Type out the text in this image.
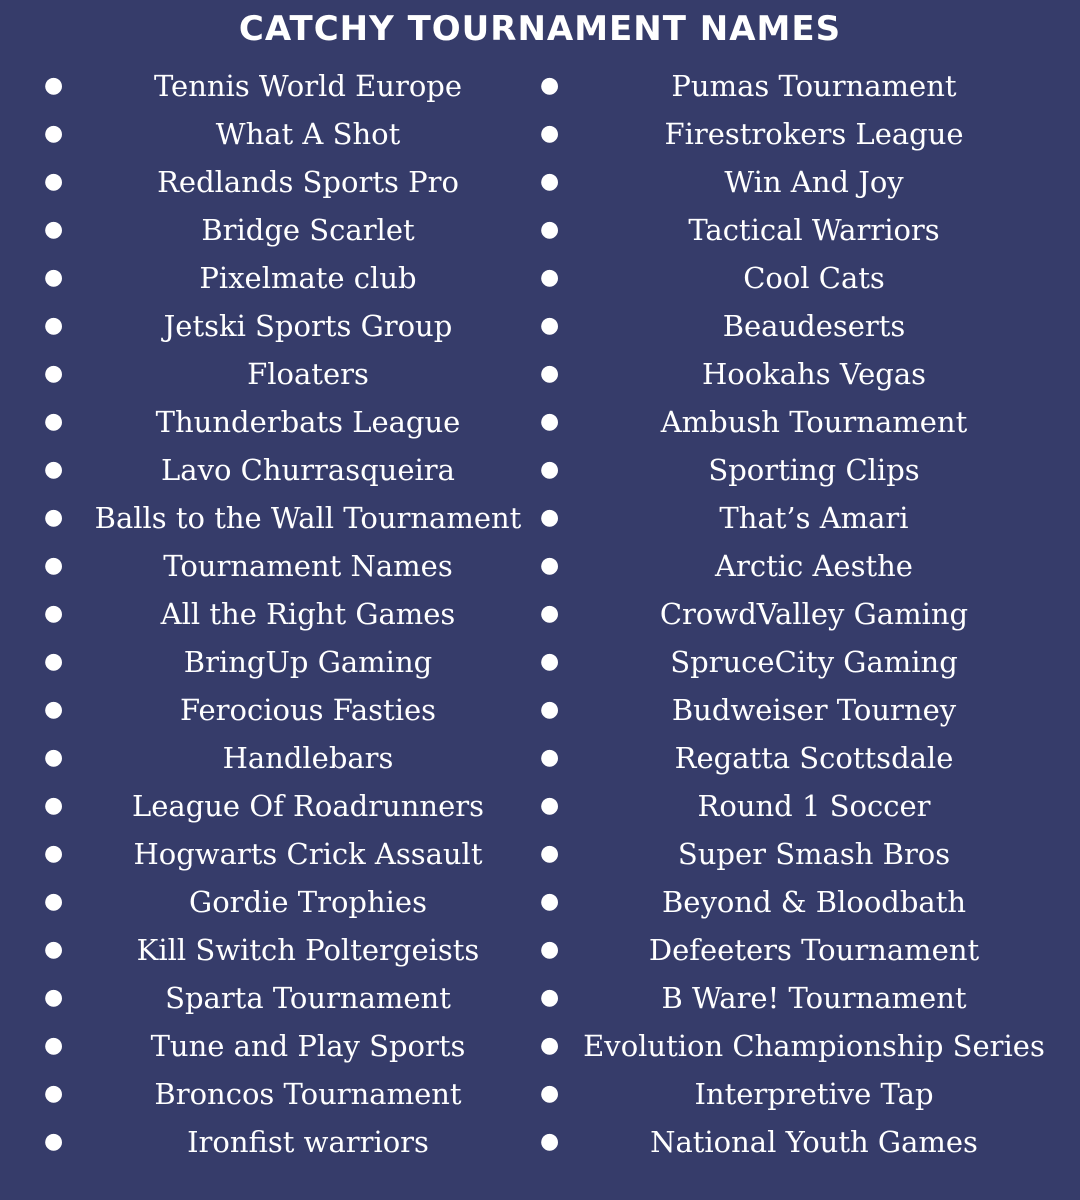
CATCHY TOURNAMENT NAMES
●	Tennis World Europe
●	What A Shot
●	Redlands Sports Pro
●	Bridge Scarlet
●	Pixelmate club
●	Jetski Sports Group
●	Floaters
●	Thunderbats League
●	Lavo Churrasqueira
●	Balls to the Wall Tournament
●	Tournament Names
●	All the Right Games
●	BringUp Gaming
●	Ferocious Fasties
●	Handlebars
●	League Of Roadrunners
●	Hogwarts Crick Assault
●	Gordie Trophies
●	Kill Switch Poltergeists
●	Sparta Tournament
●	Tune and Play Sports
●	Broncos Tournament
●	Ironfist warriors
●	Pumas Tournament
●	Firestrokers League
●	Win And Joy
●	Tactical Warriors
●	Cool Cats
●	Beaudeserts
●	Hookahs Vegas
●	Ambush Tournament
●	Sporting Clips
●	That’s Amari
●	Arctic Aesthe
●	CrowdValley Gaming
●	SpruceCity Gaming
●	Budweiser Tourney
●	Regatta Scottsdale
●	Round 1 Soccer
●	Super Smash Bros
●	Beyond & Bloodbath
●	Defeeters Tournament
●	B Ware! Tournament
● Evolution Championship Series
●	Interpretive Tap
●	National Youth Games
